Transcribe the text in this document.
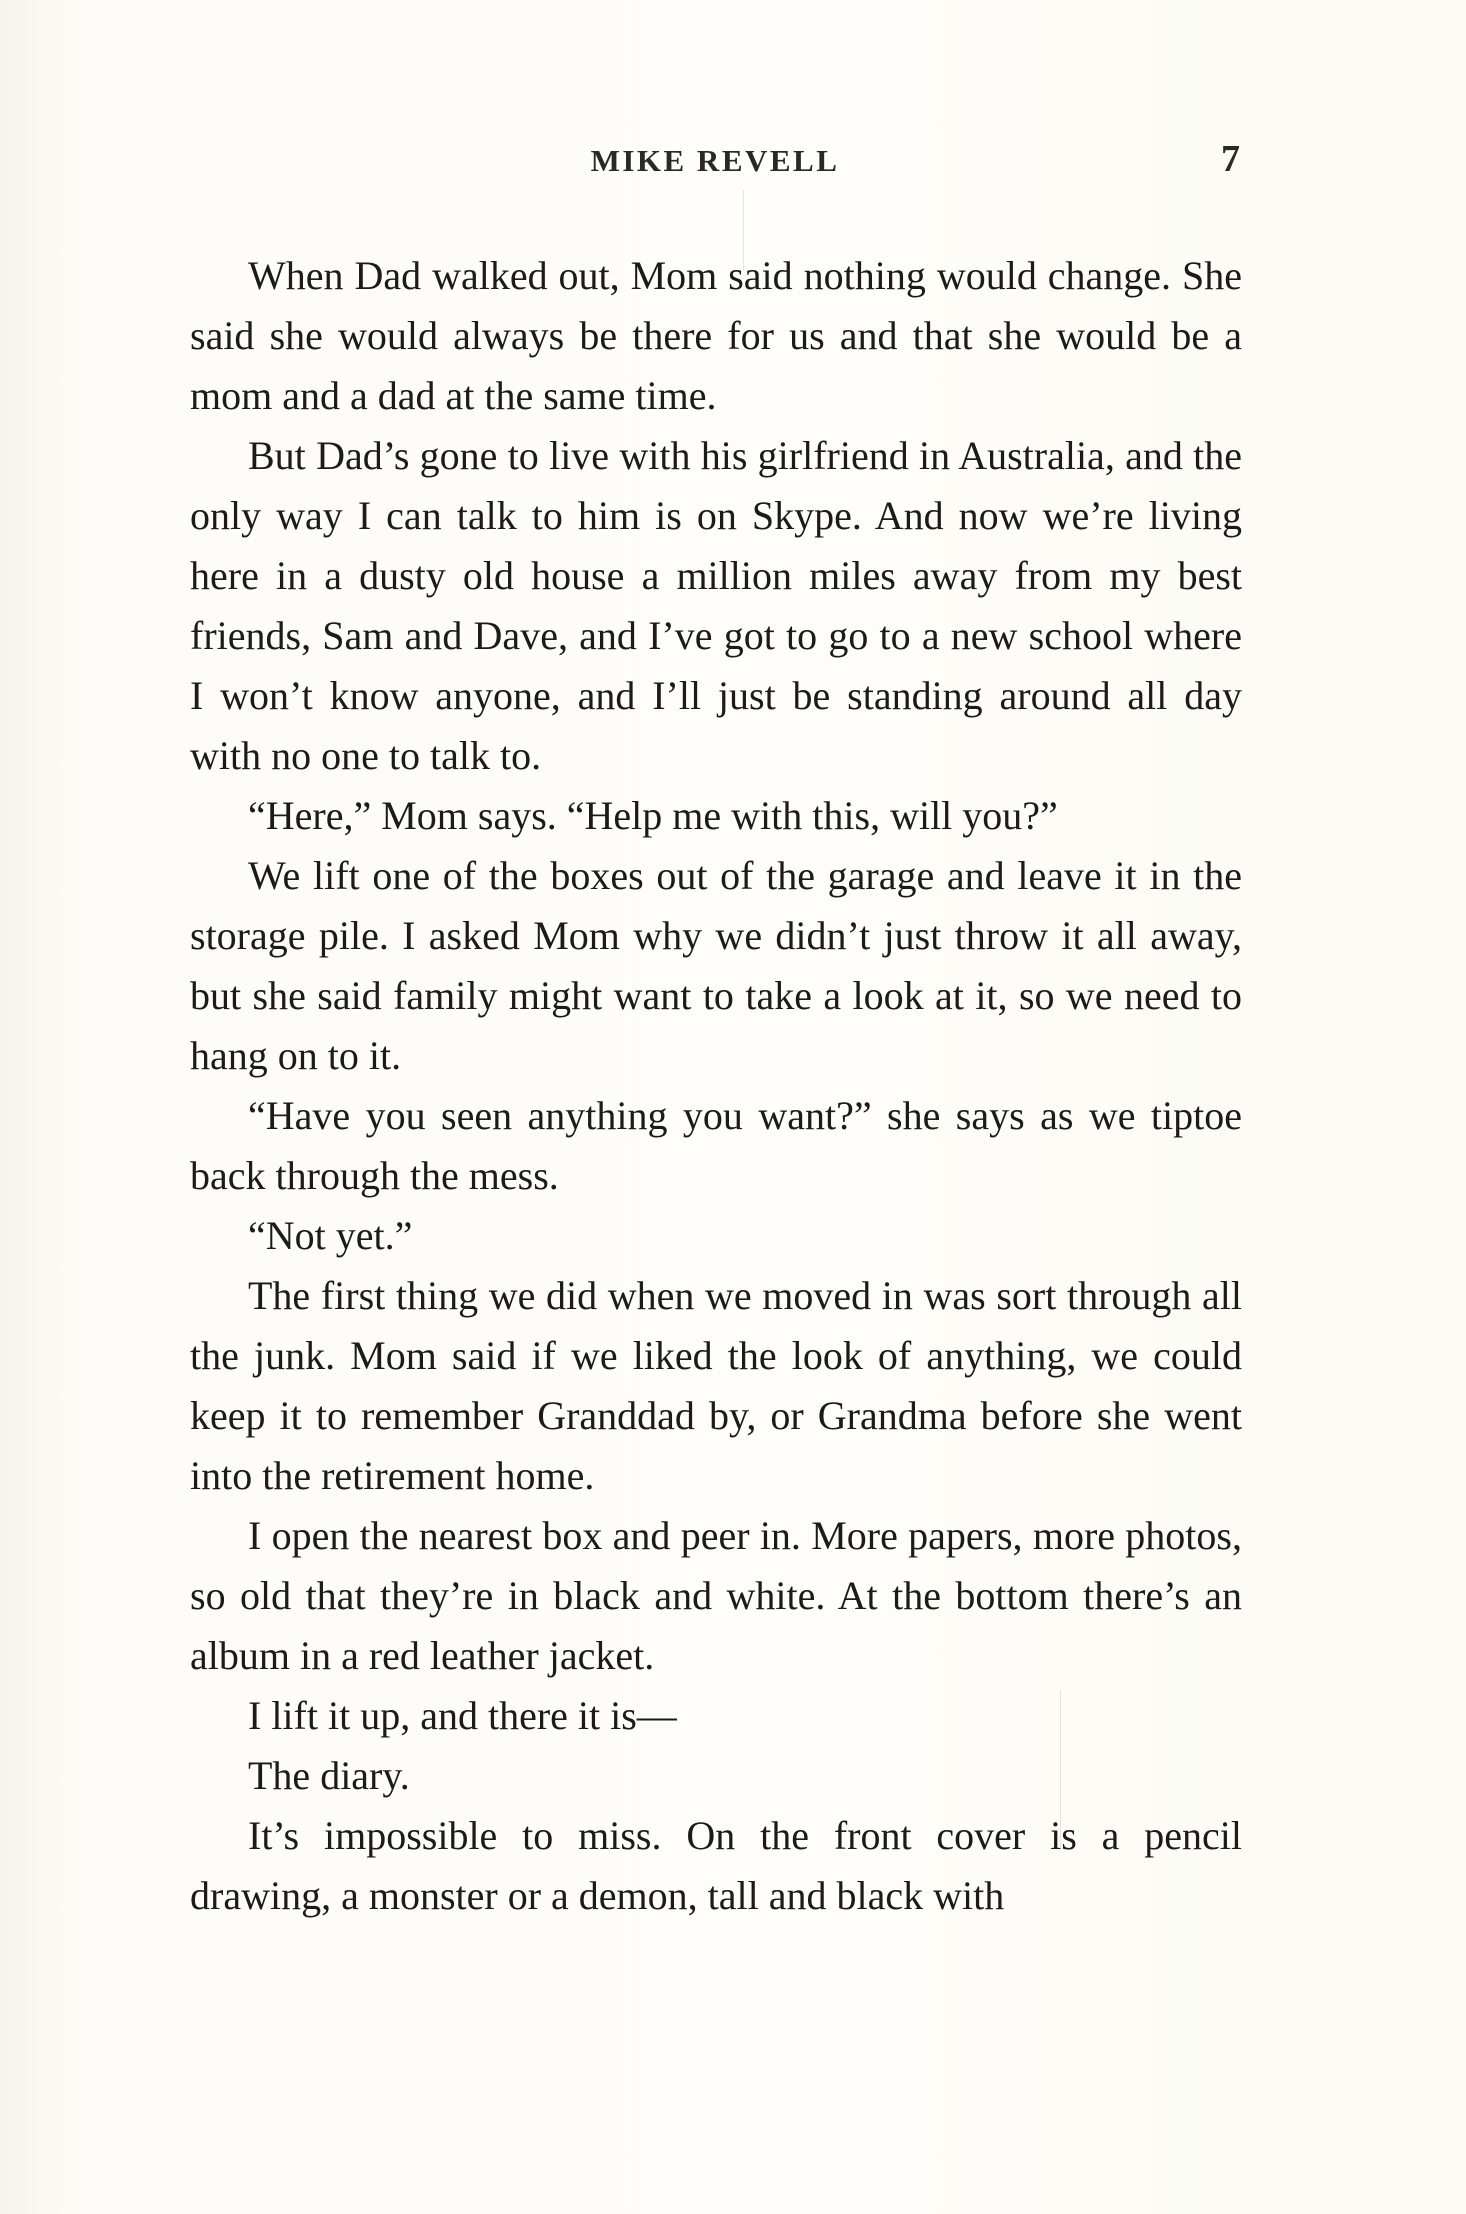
MIKE REVELL	7

When Dad walked out, Mom said nothing would change. She said she would always be there for us and that she would be a mom and a dad at the same time.

But Dad’s gone to live with his girlfriend in Australia, and the only way I can talk to him is on Skype. And now we’re living here in a dusty old house a million miles away from my best friends, Sam and Dave, and I’ve got to go to a new school where I won’t know anyone, and I’ll just be standing around all day with no one to talk to.

“Here,” Mom says. “Help me with this, will you?”

We lift one of the boxes out of the garage and leave it in the storage pile. I asked Mom why we didn’t just throw it all away, but she said family might want to take a look at it, so we need to hang on to it.

“Have you seen anything you want?” she says as we tiptoe back through the mess.

“Not yet.”

The first thing we did when we moved in was sort through all the junk. Mom said if we liked the look of anything, we could keep it to remember Granddad by, or Grandma before she went into the retirement home.

I open the nearest box and peer in. More papers, more photos, so old that they’re in black and white. At the bottom there’s an album in a red leather jacket.

I lift it up, and there it is—

The diary.

It’s impossible to miss. On the front cover is a pencil drawing, a monster or a demon, tall and black with
